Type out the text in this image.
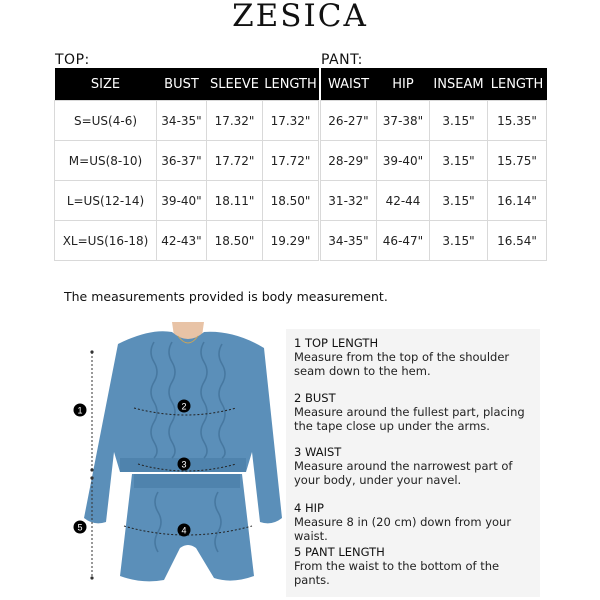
ZESICA
TOP:	PANT:
SIZE	BUST	SLEEVE	LENGTH
S=US(4-6)	34-35"	17.32"	17.32"
M=US(8-10)	36-37"	17.72"	17.72"
L=US(12-14)	39-40"	18.11"	18.50"
XL=US(16-18)	42-43"	18.50"	19.29"
WAIST	HIP	INSEAM	LENGTH
26-27"	37-38"	3.15"	15.35"
28-29"	39-40"	3.15"	15.75"
31-32"	42-44	3.15"	16.14"
34-35"	46-47"	3.15"	16.54"
The measurements provided is body measurement.
1	2
3
4
5
1 TOP LENGTH
Measure from the top of the shoulder seam down to the hem.
2 BUST
Measure around the fullest part, placing the tape close up under the arms.
3 WAIST
Measure around the narrowest part of your body, under your navel.
4 HIP
Measure 8 in (20 cm) down from your waist.
5 PANT LENGTH
From the waist to the bottom of the pants.
